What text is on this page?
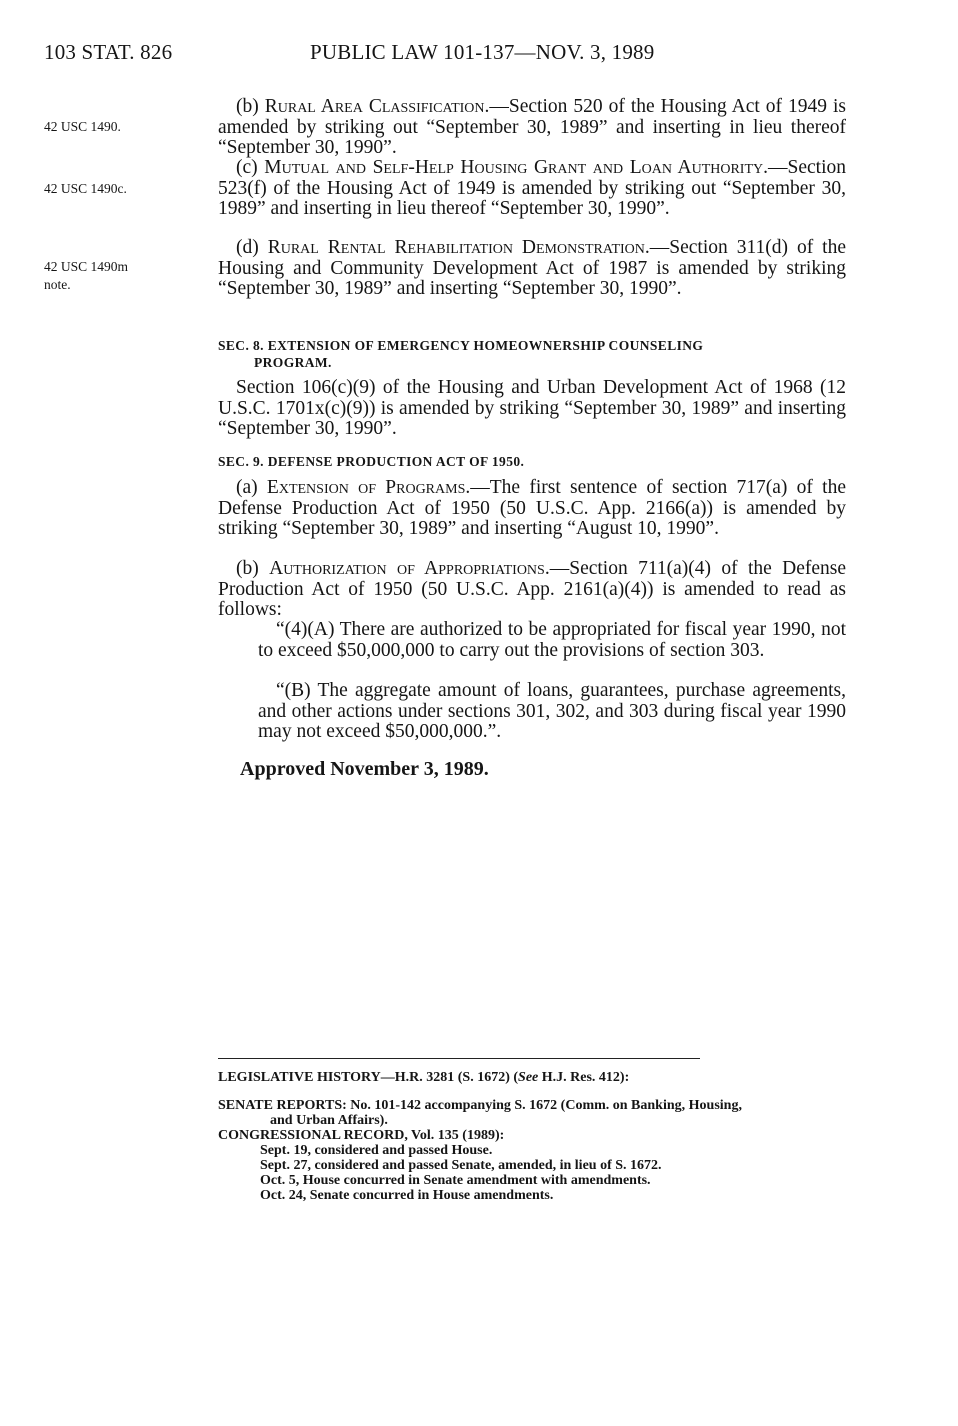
103 STAT. 826	PUBLIC LAW 101-137—NOV. 3, 1989
42 USC 1490.
42 USC 1490c.
42 USC 1490m
note.
(b) Rural Area Classification.—Section 520 of the Housing Act of 1949 is amended by striking out “September 30, 1989” and inserting in lieu thereof “September 30, 1990”.
(c) Mutual and Self-Help Housing Grant and Loan Authority.—Section 523(f) of the Housing Act of 1949 is amended by striking out “September 30, 1989” and inserting in lieu thereof “September 30, 1990”.
(d) Rural Rental Rehabilitation Demonstration.—Section 311(d) of the Housing and Community Development Act of 1987 is amended by striking “September 30, 1989” and inserting “September 30, 1990”.
SEC. 8. EXTENSION OF EMERGENCY HOMEOWNERSHIP COUNSELING
PROGRAM.
Section 106(c)(9) of the Housing and Urban Development Act of 1968 (12 U.S.C. 1701x(c)(9)) is amended by striking “September 30, 1989” and inserting “September 30, 1990”.
SEC. 9. DEFENSE PRODUCTION ACT OF 1950.
(a) Extension of Programs.—The first sentence of section 717(a) of the Defense Production Act of 1950 (50 U.S.C. App. 2166(a)) is amended by striking “September 30, 1989” and inserting “August 10, 1990”.
(b) Authorization of Appropriations.—Section 711(a)(4) of the Defense Production Act of 1950 (50 U.S.C. App. 2161(a)(4)) is amended to read as follows:
“(4)(A) There are authorized to be appropriated for fiscal year 1990, not to exceed $50,000,000 to carry out the provisions of section 303.
“(B) The aggregate amount of loans, guarantees, purchase agreements, and other actions under sections 301, 302, and 303 during fiscal year 1990 may not exceed $50,000,000.”.
Approved November 3, 1989.
LEGISLATIVE HISTORY—H.R. 3281 (S. 1672) (See H.J. Res. 412):
SENATE REPORTS: No. 101-142 accompanying S. 1672 (Comm. on Banking, Housing,
and Urban Affairs).
CONGRESSIONAL RECORD, Vol. 135 (1989):
Sept. 19, considered and passed House.
Sept. 27, considered and passed Senate, amended, in lieu of S. 1672.
Oct. 5, House concurred in Senate amendment with amendments.
Oct. 24, Senate concurred in House amendments.
